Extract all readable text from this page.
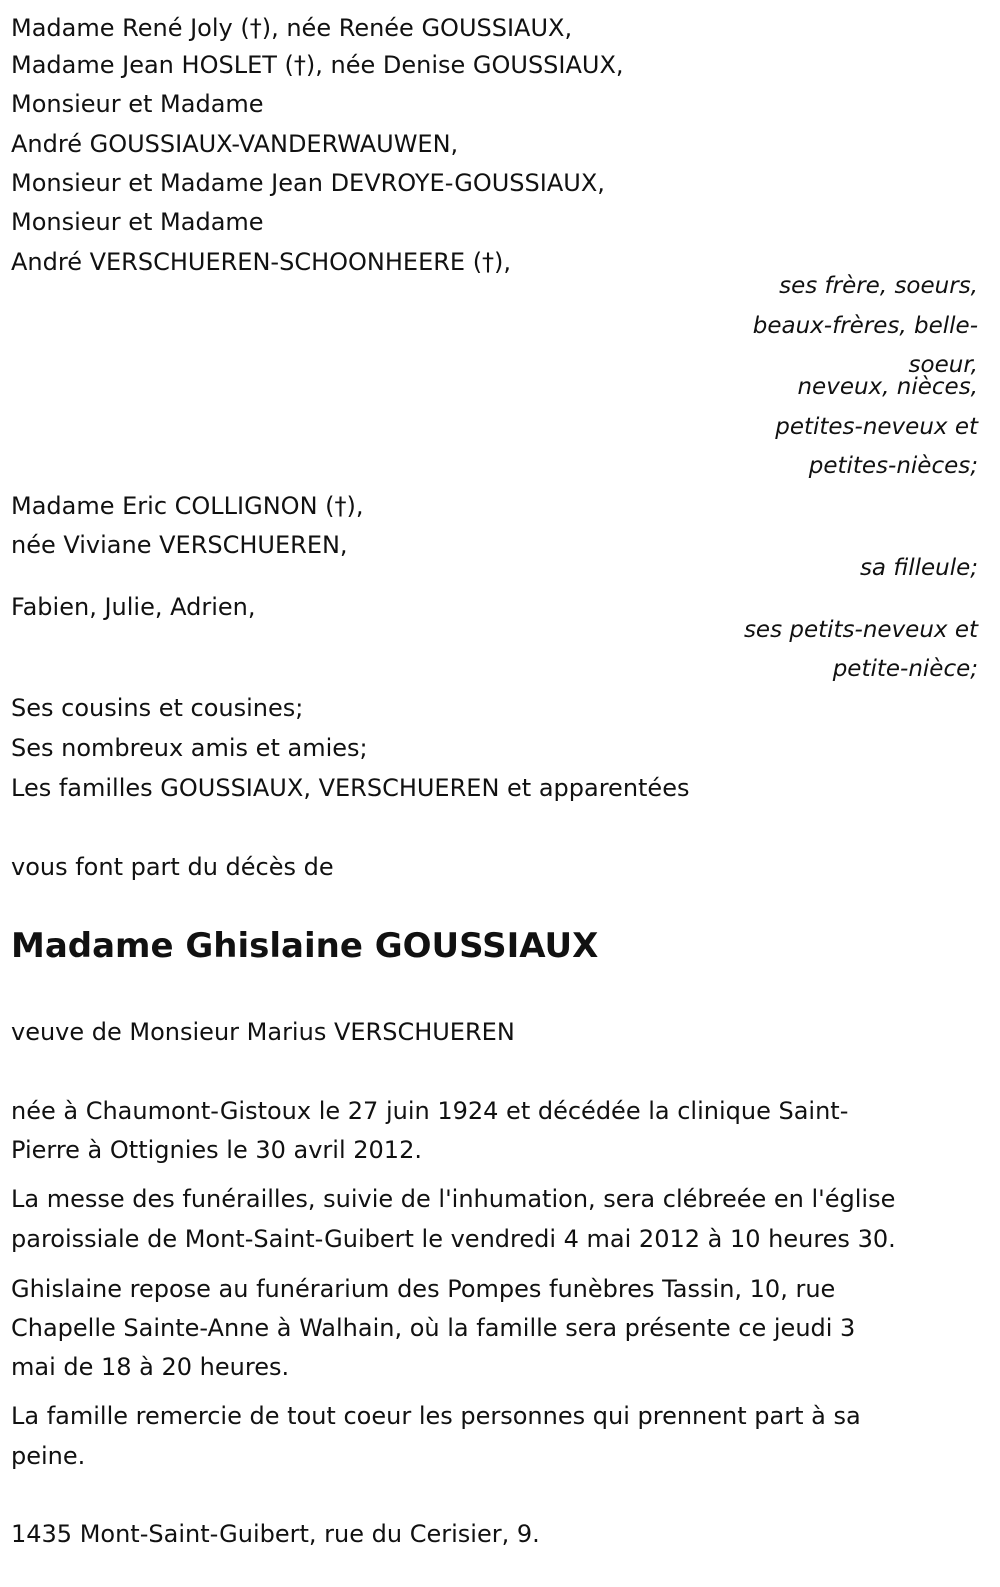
Madame Ghislaine GOUSSIAUX
Madame René Joly (†), née Renée GOUSSIAUX,
Madame Jean HOSLET (†), née Denise GOUSSIAUX,
Monsieur et Madame
André GOUSSIAUX-VANDERWAUWEN,
Monsieur et Madame Jean DEVROYE-GOUSSIAUX,
Monsieur et Madame
André VERSCHUEREN-SCHOONHEERE (†),
Madame Eric COLLIGNON (†),
née Viviane VERSCHUEREN,
Fabien, Julie, Adrien,
Ses cousins et cousines;
Ses nombreux amis et amies;
Les familles GOUSSIAUX, VERSCHUEREN et apparentées
vous font part du décès de
ses frère, soeurs,
beaux-frères, belle-
soeur,
neveux, nièces,
petites-neveux et
petites-nièces;
sa filleule;
ses petits-neveux et
petite-nièce;
veuve de Monsieur Marius VERSCHUEREN
née à Chaumont-Gistoux le 27 juin 1924 et décédée la clinique Saint-
Pierre à Ottignies le 30 avril 2012.
La messe des funérailles, suivie de l'inhumation, sera clébreée en l'église
paroissiale de Mont-Saint-Guibert le vendredi 4 mai 2012 à 10 heures 30.
Ghislaine repose au funérarium des Pompes funèbres Tassin, 10, rue
Chapelle Sainte-Anne à Walhain, où la famille sera présente ce jeudi 3
mai de 18 à 20 heures.
La famille remercie de tout coeur les personnes qui prennent part à sa
peine.
1435 Mont-Saint-Guibert, rue du Cerisier, 9.
